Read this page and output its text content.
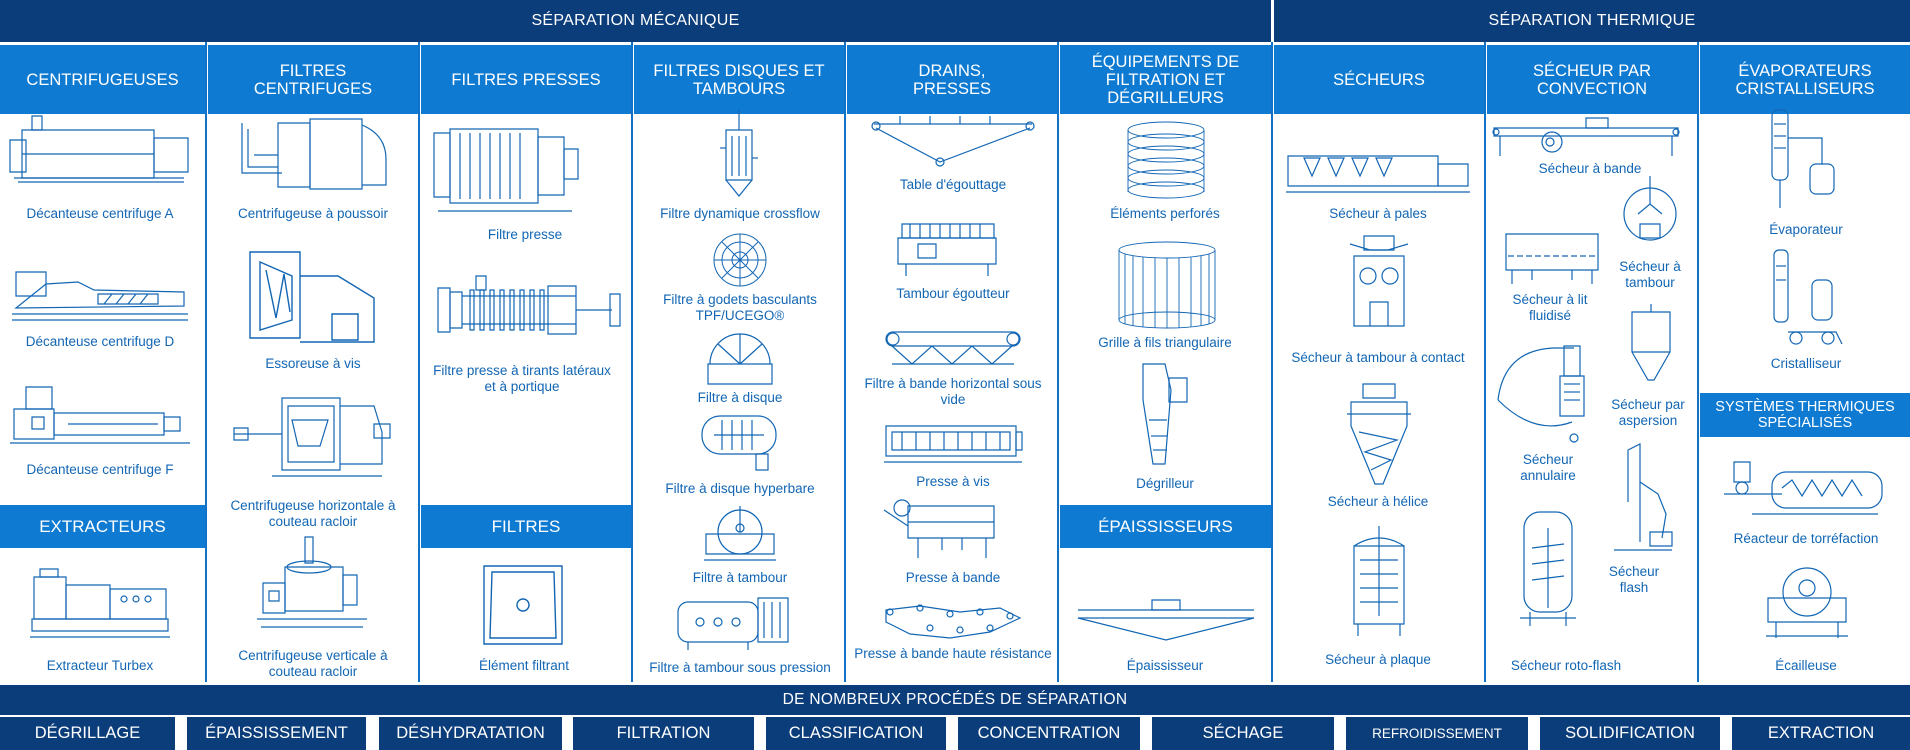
SÉPARATION MÉCANIQUE	SÉPARATION THERMIQUE
CENTRIFUGEUSES	FILTRES CENTRIFUGES	FILTRES PRESSES	FILTRES DISQUES ET TAMBOURS
DRAINS, PRESSES
ÉQUIPEMENTS DE FILTRATION ET DÉGRILLEURS
SÉCHEURS	SÉCHEUR PAR CONVECTION
ÉVAPORATEURS CRISTALLISEURS
EXTRACTEURS	FILTRES	ÉPAISSISSEURS
SYSTÈMES THERMIQUES SPÉCIALISÉS
Décanteuse centrifuge A
Décanteuse centrifuge D
Décanteuse centrifuge F
Extracteur Turbex
Centrifugeuse à poussoir
Essoreuse à vis
Centrifugeuse horizontale à couteau racloir
Centrifugeuse verticale à couteau racloir
Filtre presse
Filtre presse à tirants latéraux et à portique
Élément filtrant
Filtre dynamique crossflow
Filtre à godets basculants TPF/UCEGO®
Filtre à disque
Filtre à disque hyperbare
Filtre à tambour
Filtre à tambour sous pression
Table d'égouttage
Tambour égoutteur
Filtre à bande horizontal sous vide
Presse à vis
Presse à bande
Presse à bande haute résistance
Éléments perforés
Grille à fils triangulaire
Dégrilleur
Épaississeur
Sécheur à pales
Sécheur à tambour à contact
Sécheur à hélice
Sécheur à plaque
Sécheur à bande
Sécheur à tambour
Sécheur à lit fluidisé
Sécheur par aspersion
Sécheur annulaire
Sécheur flash
Sécheur roto-flash
Évaporateur
Cristalliseur
Réacteur de torréfaction
Écailleuse
DE NOMBREUX PROCÉDÉS DE SÉPARATION
DÉGRILLAGE	ÉPAISSISSEMENT	DÉSHYDRATATION	FILTRATION	CLASSIFICATION	CONCENTRATION	SÉCHAGE	REFROIDISSEMENT	SOLIDIFICATION	EXTRACTION
